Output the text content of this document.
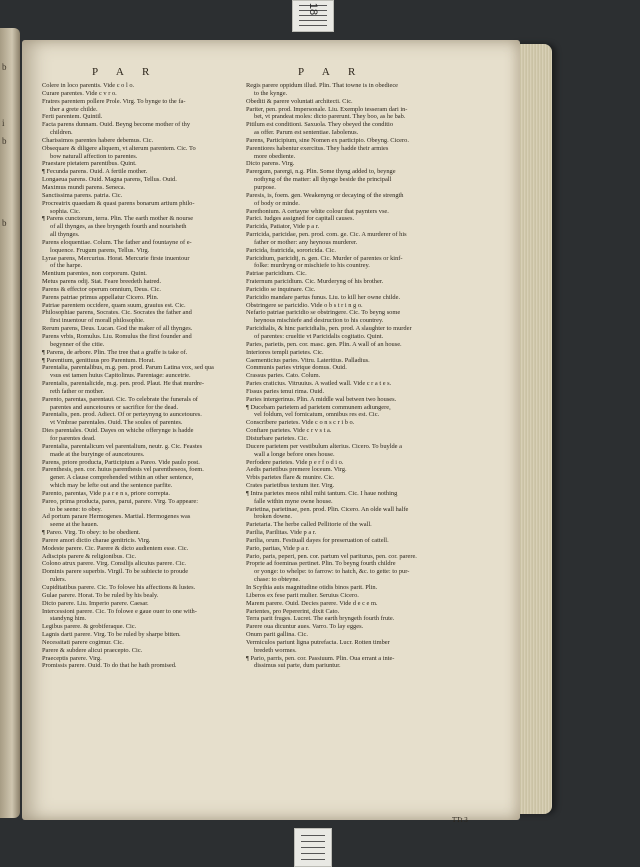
18
b
i
b
b
P A R	P A R
Colere in loco parentis. Vide c o l o.
Curare parentes. Vide c v r o.
Fratres parentem pollere Prole. Virg. To bynge to the fa-
ther a grete childe.
Ferti parentem. Quintil.
Facta parens dunnam. Ouid. Beyng become mother of thy
children.
Charissimos parentes habere debemus. Cic.
Obsequare & diligere aliquem, vt alterum parentem. Cic. To
bow naturall affection to parentes.
Praestare pietatem parentibus. Quint.
¶ Fecunda parens. Ouid. A fertile mother.
Longaeua parens. Ouid. Magna parens, Tellus. Ouid.
Maximus mundi parens. Seneca.
Sanctissima parens. patria. Cic.
Procreatrix quaedam & quasi parens bonarum artium philo-
sophia. Cic.
¶ Parens cunctorum, terra. Plin. The earth mother & nourse
of all thynges, as thee bryngeth fourth and nourisheth
all thynges.
Parens eloquentiae. Colum. The father and fountayne of e-
loquence. Frugum parens, Tellus. Virg.
Lyrae parens, Mercurius. Horat. Mercurie firste inuentour
of the harpe.
Mentium parentes, non corporum. Quint.
Metus parens odij. Stat. Feare breedeth hatred.
Parens & effector operum omnium, Deus. Cic.
Parens patriae primus appellatur Cicero. Plin.
Patriae parentem occidere, quam suum, grauius est. Cic.
Philosophiae parens, Socrates. Cic. Socrates the father and
first inuentour of morall philosophie.
Rerum parens, Deus. Lucan. God the maker of all thynges.
Parens vrbis, Romulus. Liu. Romulus the first founder and
begynner of the citie.
¶ Parens, de arbore. Plin. The tree that a graffe is take of.
¶ Parentium, genitiuus pro Parentum. Horat.
Parentalia, parentalibus, m.g. pen. prod. Parum Latina vox, sed qua
vsus est tamen huius Capitolinus. Parentage: auncetrie.
Parentalis, parentalicide, m.g. pen. prod. Plaut. He that murdre-
reth father or mother.
Parento, parentas, parentaui. Cic. To celebrate the funerals of
parentes and auncetoures or sacrifice for the dead.
Parentalis, pen. prod. Adiect. Of or perteynyng to auncetoures.
vt Vmbrae parentales. Ouid. The soules of parentes.
Dies parentales. Ouid. Dayes on whiche offerynge is hadde
for parentes dead.
Parentalia, parentalicum vel parentalium, neutr. g. Cic. Feastes
made at the buryinge of auncetoures.
Parens, priore producta, Participium a Pareo. Vide paulo post.
Parenthesis, pen. cor. huius parenthesis vel parentheseos, foem.
gener. A clause comprehended within an other sentence,
which may be lefte out and the sentence parfite.
Parento, parentas, Vide p a r e n s, priore correpta.
Pareo, prima producta, pares, parui, parere. Virg. To appeare:
to be seene: to obey.
Ad portum parare Hermogenes. Martial. Hermogenes was
seene at the hauen.
¶ Pareo. Virg. To obey: to be obedient.
Parere amori dictio charae genitricis. Virg.
Modeste parere. Cic. Parere & dicto audientem esse. Cic.
Adiscipis parere & religionibus. Cic.
Colono atrux parere. Virg. Consilijs alicuius parere. Cic.
Dominis parere superbis. Virgil. To be subiecte to proude
rulers.
Cupiditatibus parere. Cic. To folowe his affections & lustes.
Gulae parere. Horat. To be ruled by his bealy.
Dicto parere. Liu. Imperio parere. Caesar.
Intercessioni parere. Cic. To folowe e gaue ouer to one with-
standyng him.
Legibus parere. & grobiferaque. Cic.
Lagnis darti parere. Virg. To be ruled by sharpe bitten.
Necessitati parere cogimur. Cic.
Parere & subdere alicui praecepto. Cic.
Praeceptis parere. Virg.
Promissis parere. Ouid. To do that he hath promised.
Regis parere oppidum illud. Plin. That towne is in obediece
to the kynge.
Obediti & parere voluntati architecti. Cic.
Pariter, pen. prod. Impersonale. Liu. Exemplo tesseram dari in-
bet, vt prandeat moles: dicto parerunt. They boo, as he bab.
Pitilum est conditioni. Saxuola. They obeyed the conditio
as offer. Parum est sententiae. Iabolenus.
Parens, Participium, sine Nomen ex participio. Obeyng. Cicero.
Parentiores habentur exercitus. They hadde their armies
more obediente.
Dicto parens. Virg.
Parergum, parergi, n.g. Plin. Some thyng added to, beynge
nothyng of the matter: all thynge beside the principall
purpose.
Paresis, is, foem. gen. Weakenyng or decaying of the strength
of body or minde.
Parethonium. A certayne white colour that paynters vse.
Parici. Iudges assigned for capitall causes.
Paricida, Patiator, Vide p a r.
Parricida, paricidae, pen. prod. com. ge. Cic. A murderer of his
father or mother: any heynous murderer.
Paricida, fratricida, sororicida. Cic.
Paricidium, paricidij, n. gen. Cic. Murder of parentes or kinf-
folke: murdryng or mischiefe to his countrey.
Patriae paricidium. Cic.
Fraternum paricidium. Cic. Murderyng of his brother.
Paricidio se inquinare. Cic.
Paricidio mandare partus funus. Liu. to kill her owne childe.
Obstringere se paricidio. Vide o b s t r i n g o.
Nefario patriae paricidio se obstringere. Cic. To beyng some
heynous mischiefe and destruction to his countrey.
Paricidialis, & hinc paricidialis, pen. prod. A slaughter to murder
of parentes: crueltie vt Paricidalis cogitatio. Quint.
Paries, parietis, pen. cor. masc. gen. Plin. A wall of an house.
Interiores templi parietes. Cic.
Caementicius paries. Vitru. Lateritius. Palladius.
Communis paries vtrique domus. Ouid.
Crassus paries. Cato. Colum.
Paries craticius. Vitruuius. A watled wall. Vide c r a t e s.
Fissus paries tenui rima. Ouid.
Paries intergerinus. Plin. A middle wal betwen two houses.
¶ Ducebam parietem ad parietem communem adiungere,
vel foldum, vel fornicatum, omnibus res est. Cic.
Conscribere parietes. Vide c o n s c r i b o.
Conftare parietes. Vide c r v s t a.
Disturbare parietes. Cic.
Ducere parietem per vestibulum alterius. Cicero. To buylde a
wall a longe before ones house.
Perfodere parietes. Vide p e r f o d i o.
Aedis parietibus premere loceum. Virg.
Vrbis parietes flare & munire. Cic.
Crates parietibus textum iter. Virg.
¶ Intra parietes meos nihil mihi tantum. Cic. I haue nothing
falle within myne owne house.
Parietina, parietinae, pen. prod. Plin. Cicero. An olde wall halfe
broken downe.
Parietaria. The herbe called Pellitorie of the wall.
Parilia, Parilitas. Vide p a r.
Parilia, orum. Festiuall dayes for preseruation of cattell.
Pario, paritas, Vide p a r.
Pario, paris, peperi, pen. cor. partum vel pariturus, pen. cor. parere.
Proprie ad foeminas pertinet. Plin. To beyng fourth childre
or yonge: to whelpe: to farrow: to hatch, &c. to gette: to pur-
chase: to obteyne.
In Scythia auis magnitudine otidis binos parit. Plin.
Liberos ex fese parit mulier. Seruius Cicero.
Marem parere. Ouid. Decies parere. Vide d e c e m.
Parientes, pro Pepererint, dixit Cato.
Terra parit fruges. Lucret. The earth bryngeth fourth frute.
Parere oua dicuntur aues. Varro. To lay egges.
Onum parit gallina. Cic.
Vermiculos pariunt ligna putrefacta. Lucr. Rotten timber
bredeth wormes.
¶ Pario, parris, pen. cor. Passiuum. Plin. Oua errant a inte-
dissimus sui parte, dum pariuntur.
TTt 3
